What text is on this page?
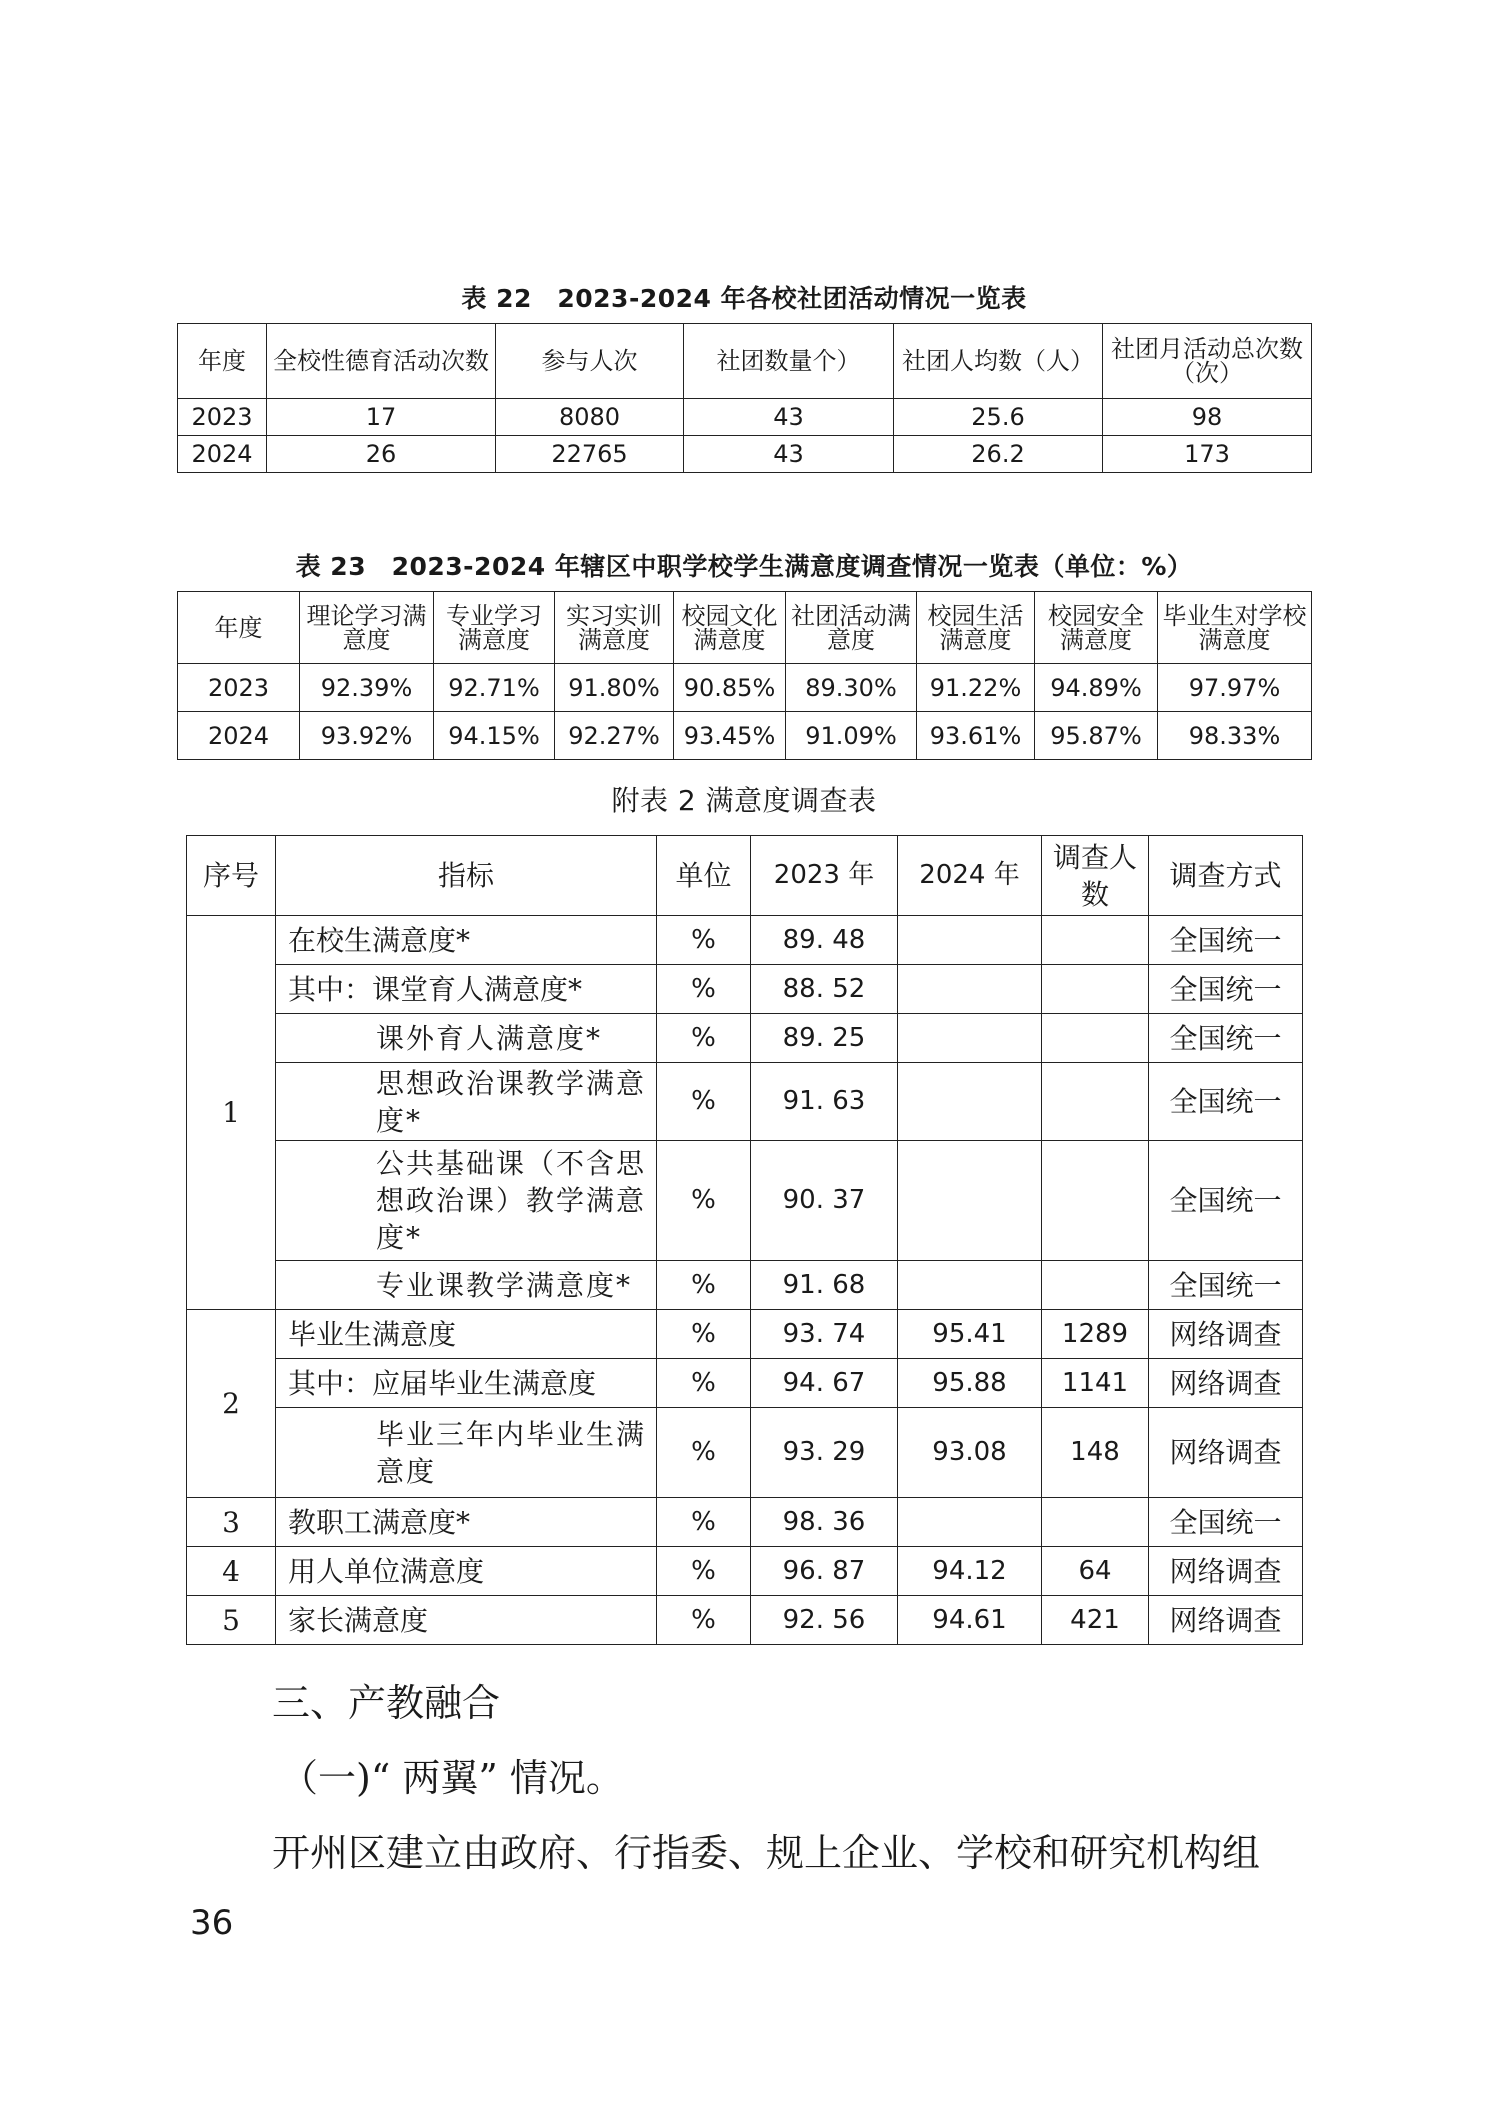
表 22　2023-2024 年各校社团活动情况一览表
年度	全校性德育活动次数	参与人次	社团数量个）	社团人均数（人）	社团月活动总次数（次）
2023	17	8080	43	25.6	98
2024	26	22765	43	26.2	173
表 23　2023-2024 年辖区中职学校学生满意度调查情况一览表（单位：%）
年度	理论学习满意度	专业学习满意度	实习实训满意度	校园文化满意度	社团活动满意度	校园生活满意度	校园安全满意度	毕业生对学校满意度
2023	92.39%	92.71%	91.80%	90.85%	89.30%	91.22%	94.89%	97.97%
2024	93.92%	94.15%	92.27%	93.45%	91.09%	93.61%	95.87%	98.33%
附表 2 满意度调查表
序号	指标	单位	2023 年	2024 年	调查人数	调查方式
1	在校生满意度*	%	89. 48			全国统一
	其中：课堂育人满意度*	%	88. 52			全国统一
	课外育人满意度*	%	89. 25			全国统一
	思想政治课教学满意度*	%	91. 63			全国统一
	公共基础课（不含思想政治课）教学满意度*	%	90. 37			全国统一
	专业课教学满意度*	%	91. 68			全国统一
2	毕业生满意度	%	93. 74	95.41	1289	网络调查
	其中：应届毕业生满意度	%	94. 67	95.88	1141	网络调查
	毕业三年内毕业生满意度	%	93. 29	93.08	148	网络调查
3	教职工满意度*	%	98. 36			全国统一
4	用人单位满意度	%	96. 87	94.12	64	网络调查
5	家长满意度	%	92. 56	94.61	421	网络调查
三、产教融合
（一)“ 两翼” 情况。
开州区建立由政府、行指委、规上企业、学校和研究机构组
36
